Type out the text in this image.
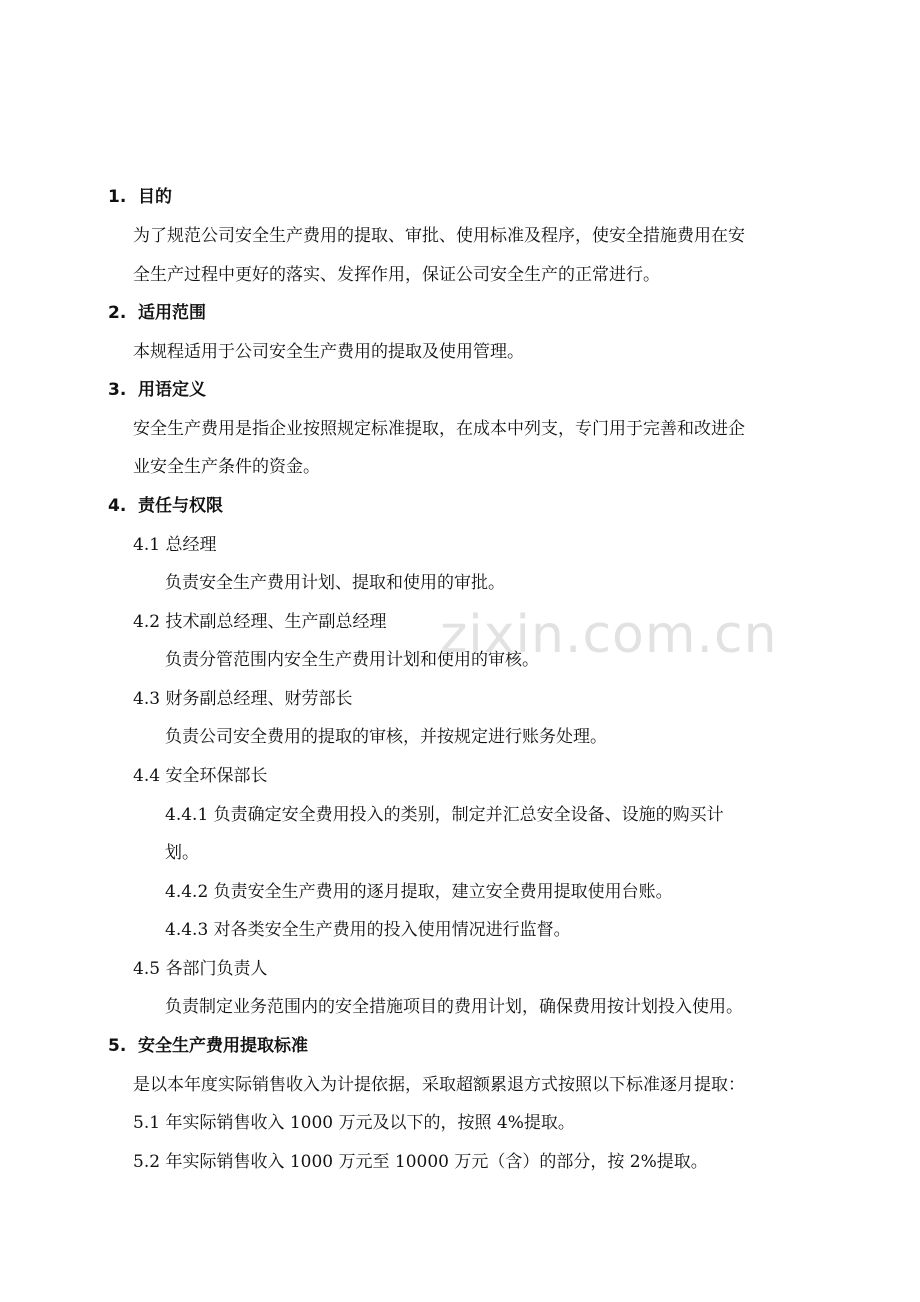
1. 目的
为了规范公司安全生产费用的提取、审批、使用标准及程序，使安全措施费用在安
全生产过程中更好的落实、发挥作用，保证公司安全生产的正常进行。
2. 适用范围
本规程适用于公司安全生产费用的提取及使用管理。
3. 用语定义
安全生产费用是指企业按照规定标准提取，在成本中列支，专门用于完善和改进企
业安全生产条件的资金。
4. 责任与权限
4.1 总经理
负责安全生产费用计划、提取和使用的审批。
4.2 技术副总经理、生产副总经理
负责分管范围内安全生产费用计划和使用的审核。
4.3 财务副总经理、财劳部长
负责公司安全费用的提取的审核，并按规定进行账务处理。
4.4 安全环保部长
4.4.1 负责确定安全费用投入的类别，制定并汇总安全设备、设施的购买计
划。
4.4.2 负责安全生产费用的逐月提取，建立安全费用提取使用台账。
4.4.3 对各类安全生产费用的投入使用情况进行监督。
4.5 各部门负责人
负责制定业务范围内的安全措施项目的费用计划，确保费用按计划投入使用。
5. 安全生产费用提取标准
是以本年度实际销售收入为计提依据，采取超额累退方式按照以下标准逐月提取：
5.1 年实际销售收入 1000 万元及以下的，按照 4%提取。
5.2 年实际销售收入 1000 万元至 10000 万元（含）的部分，按 2%提取。
zixin.com.cn
